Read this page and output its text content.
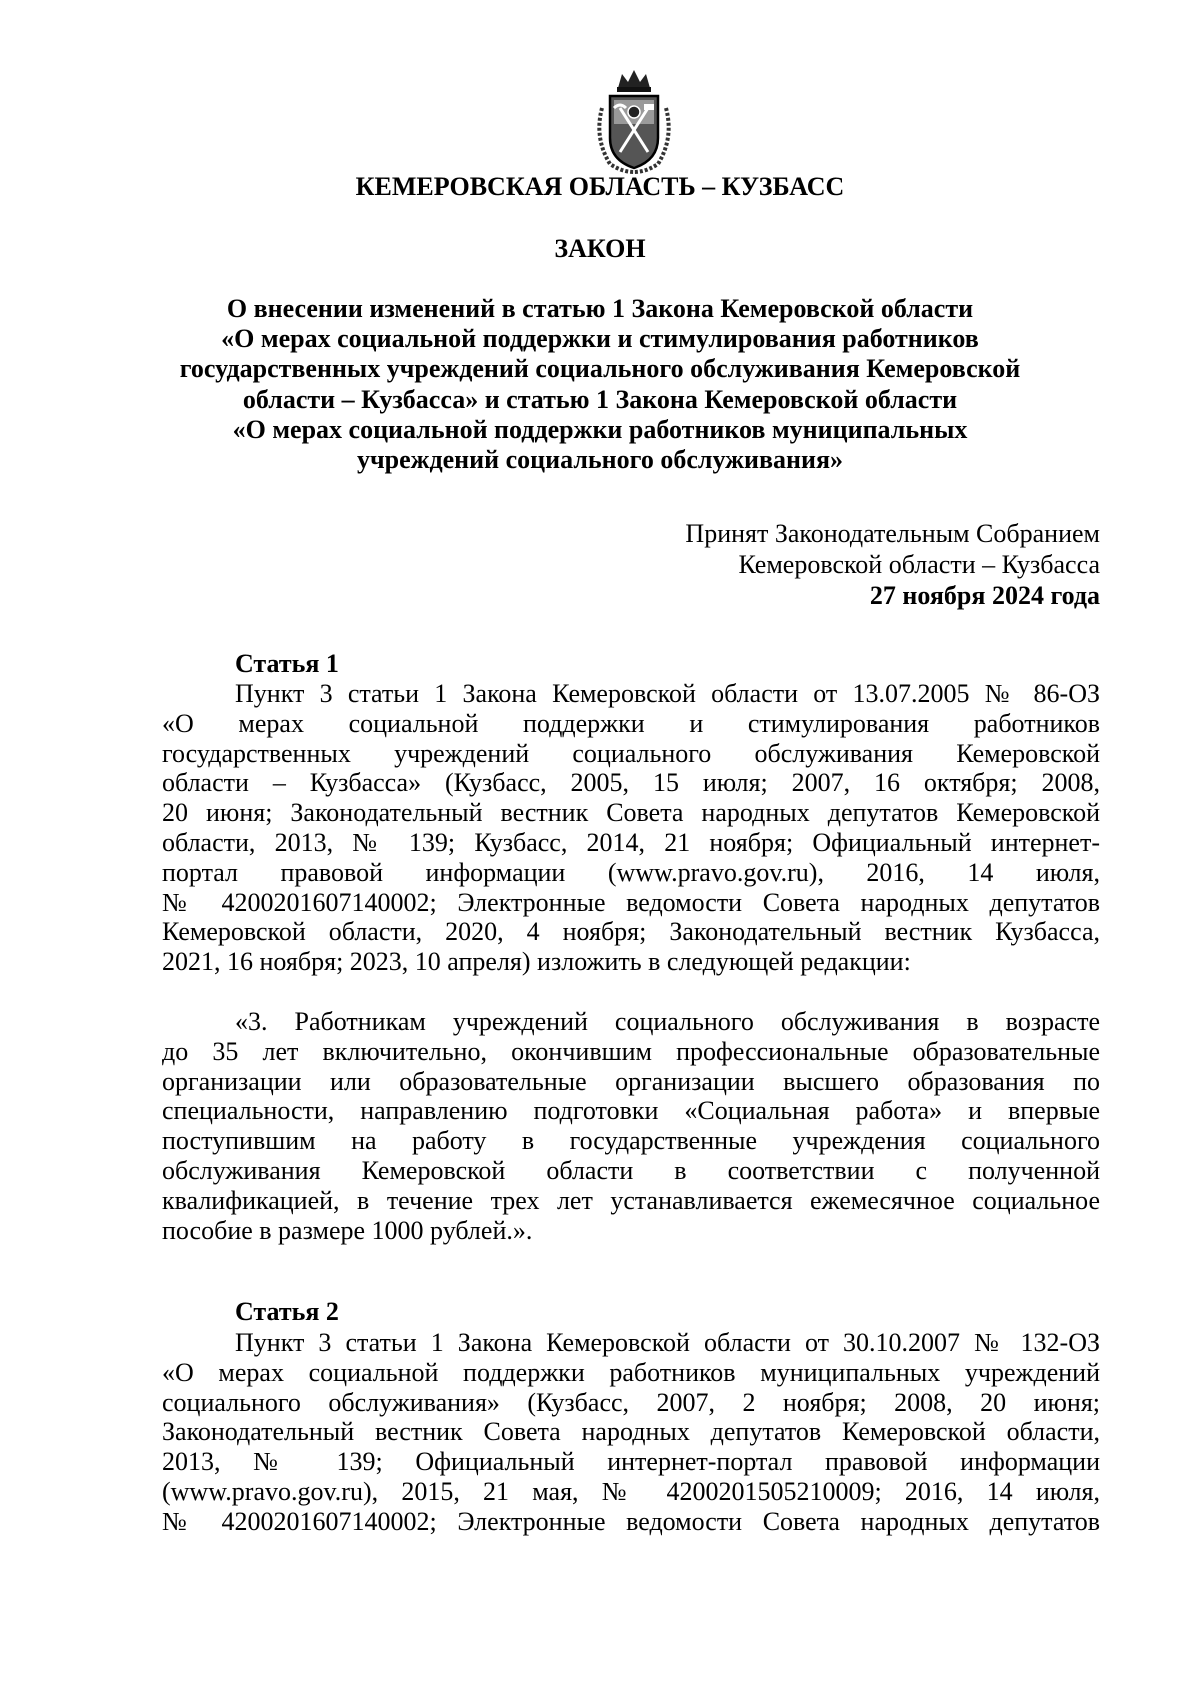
КЕМЕРОВСКАЯ ОБЛАСТЬ – КУЗБАСС
ЗАКОН
О внесении изменений в статью 1 Закона Кемеровской области
«О мерах социальной поддержки и стимулирования работников
государственных учреждений социального обслуживания Кемеровской
области – Кузбасса» и статью 1 Закона Кемеровской области
«О мерах социальной поддержки работников муниципальных
учреждений социального обслуживания»
Принят Законодательным Собранием
Кемеровской области – Кузбасса
27 ноября 2024 года
Статья 1
Пункт 3 статьи 1 Закона Кемеровской области от 13.07.2005 № 86-ОЗ
«О мерах социальной поддержки и стимулирования работников
государственных учреждений социального обслуживания Кемеровской
области – Кузбасса» (Кузбасс, 2005, 15 июля; 2007, 16 октября; 2008,
20 июня; Законодательный вестник Совета народных депутатов Кемеровской
области, 2013, № 139; Кузбасс, 2014, 21 ноября; Официальный интернет-
портал правовой информации (www.pravo.gov.ru), 2016, 14 июля,
№ 4200201607140002; Электронные ведомости Совета народных депутатов
Кемеровской области, 2020, 4 ноября; Законодательный вестник Кузбасса,
2021, 16 ноября; 2023, 10 апреля) изложить в следующей редакции:
«3. Работникам учреждений социального обслуживания в возрасте
до 35 лет включительно, окончившим профессиональные образовательные
организации или образовательные организации высшего образования по
специальности, направлению подготовки «Социальная работа» и впервые
поступившим на работу в государственные учреждения социального
обслуживания Кемеровской области в соответствии с полученной
квалификацией, в течение трех лет устанавливается ежемесячное социальное
пособие в размере 1000 рублей.».
Статья 2
Пункт 3 статьи 1 Закона Кемеровской области от 30.10.2007 № 132-ОЗ
«О мерах социальной поддержки работников муниципальных учреждений
социального обслуживания» (Кузбасс, 2007, 2 ноября; 2008, 20 июня;
Законодательный вестник Совета народных депутатов Кемеровской области,
2013, № 139; Официальный интернет-портал правовой информации
(www.pravo.gov.ru), 2015, 21 мая, № 4200201505210009; 2016, 14 июля,
№ 4200201607140002; Электронные ведомости Совета народных депутатов
